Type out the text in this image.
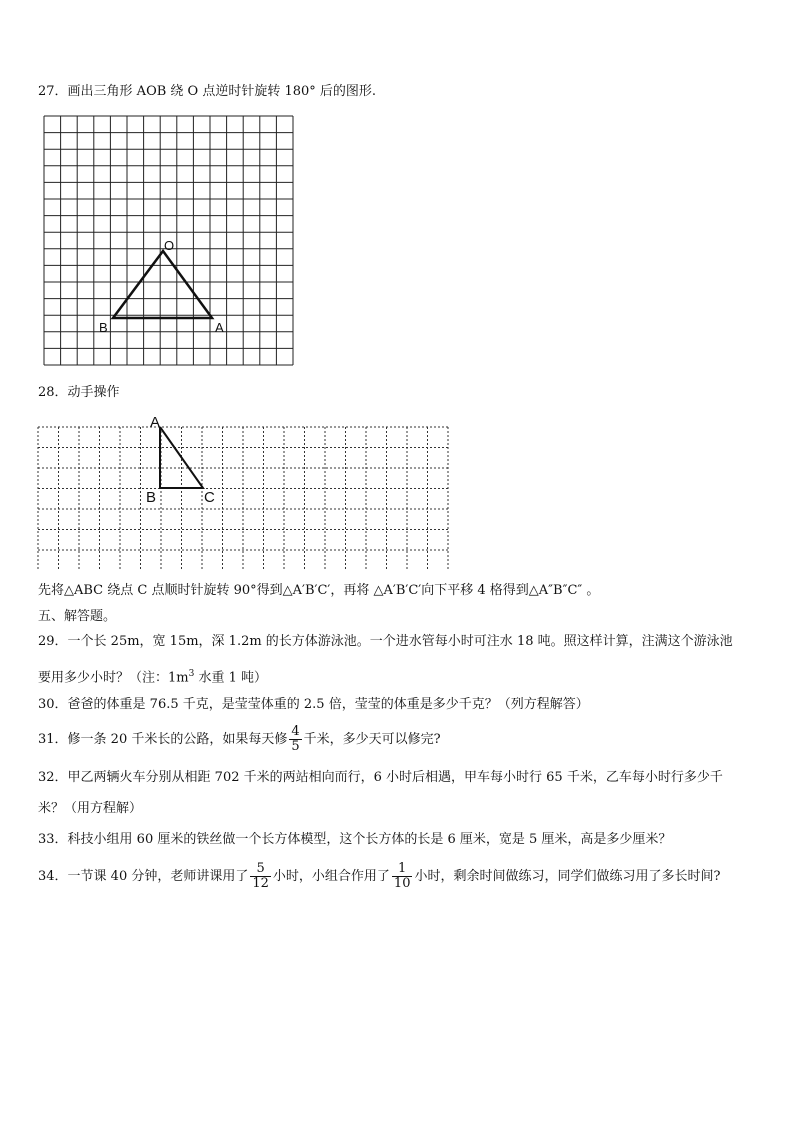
27．画出三角形 AOB 绕 O 点逆时针旋转 180° 后的图形.
O
B	A
28．动手操作
A
B	C
先将△ABC 绕点 C 点顺时针旋转 90°得到△A′B′C′，再将 △A′B′C′向下平移 4 格得到△A″B″C″ 。
五、解答题。
29．一个长 25m，宽 15m，深 1.2m 的长方体游泳池。一个进水管每小时可注水 18 吨。照这样计算，注满这个游泳池
要用多少小时？（注：$1m^3$ 水重 1 吨）
30．爸爸的体重是 76.5 千克，是莹莹体重的 2.5 倍，莹莹的体重是多少千克？（列方程解答）
31．修一条 20 千米长的公路，如果每天修 $\frac{4}{5}$ 千米，多少天可以修完?
32．甲乙两辆火车分别从相距 702 千米的两站相向而行，6 小时后相遇，甲车每小时行 65 千米，乙车每小时行多少千
米？（用方程解）
33．科技小组用 60 厘米的铁丝做一个长方体模型，这个长方体的长是 6 厘米，宽是 5 厘米，高是多少厘米？
34．一节课 40 分钟，老师讲课用了 $\frac{5}{12}$ 小时，小组合作用了 $\frac{1}{10}$ 小时，剩余时间做练习，同学们做练习用了多长时间?
